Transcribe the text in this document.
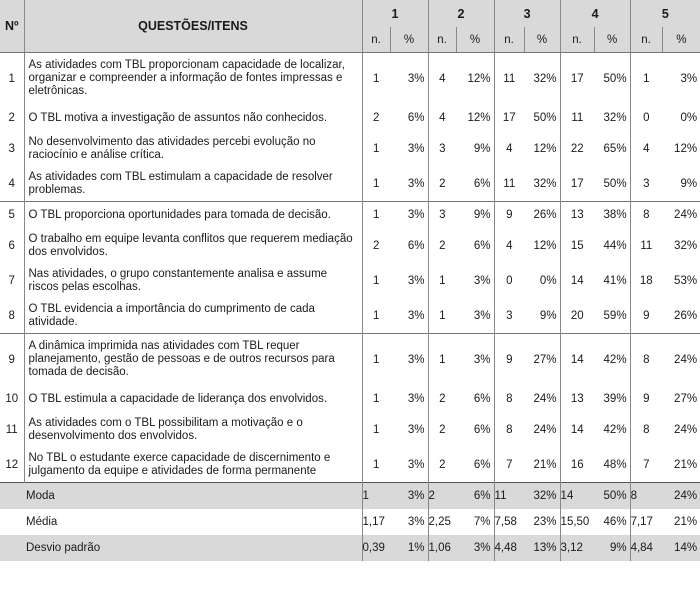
Nº	QUESTÕES/ITENS	1		2		3		4		5	
		n.	%	n.	%	n.	%	n.	%	n.	%
1	As atividades com TBL proporcionam capacidade de localizar, organizar e compreender a informação de fontes impressas e eletrônicas.	1	3%	4	12%	11	32%	17	50%	1	3%
2	O TBL motiva a investigação de assuntos não conhecidos.	2	6%	4	12%	17	50%	11	32%	0	0%
3	No desenvolvimento das atividades percebi evolução no raciocínio e análise crítica.	1	3%	3	9%	4	12%	22	65%	4	12%
4	As atividades com TBL estimulam a capacidade de resolver problemas.	1	3%	2	6%	11	32%	17	50%	3	9%
5	O TBL proporciona oportunidades para tomada de decisão.	1	3%	3	9%	9	26%	13	38%	8	24%
6	O trabalho em equipe levanta conflitos que requerem mediação dos envolvidos.	2	6%	2	6%	4	12%	15	44%	11	32%
7	Nas atividades, o grupo constantemente analisa e assume riscos pelas escolhas.	1	3%	1	3%	0	0%	14	41%	18	53%
8	O TBL evidencia a importância do cumprimento de cada atividade.	1	3%	1	3%	3	9%	20	59%	9	26%
9	A dinâmica imprimida nas atividades com TBL requer planejamento, gestão de pessoas e de outros recursos para tomada de decisão.	1	3%	1	3%	9	27%	14	42%	8	24%
10	O TBL estimula a capacidade de liderança dos envolvidos.	1	3%	2	6%	8	24%	13	39%	9	27%
11	As atividades com o TBL possibilitam a motivação e o desenvolvimento dos envolvidos.	1	3%	2	6%	8	24%	14	42%	8	24%
12	No TBL o estudante exerce capacidade de discernimento e julgamento da equipe e atividades de forma permanente	1	3%	2	6%	7	21%	16	48%	7	21%
Moda		1	3%	2	6%	11	32%	14	50%	8	24%
Média		1,17	3%	2,25	7%	7,58	23%	15,50	46%	7,17	21%
Desvio padrão		0,39	1%	1,06	3%	4,48	13%	3,12	9%	4,84	14%
